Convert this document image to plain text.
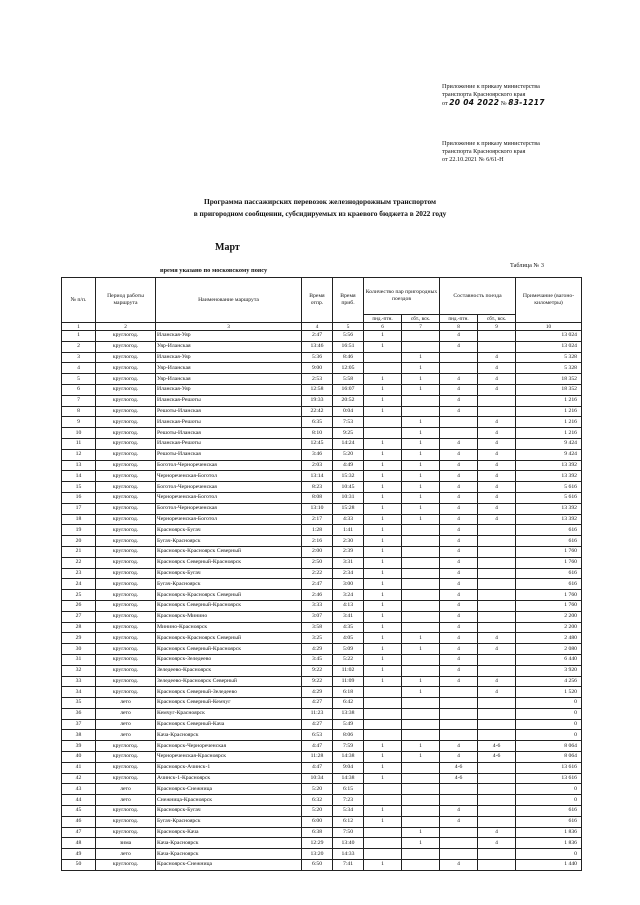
Приложение к приказу министерства
транспорта Красноярского края
от 20 04 2022 № 83-1217
Приложение к приказу министерства
транспорта Красноярского края
от 22.10.2021 № 6/61-Н
Программа пассажирских перевозок железнодорожным транспортом
в пригородном сообщении, субсидируемых из краевого бюджета в 2022 году
Март
время указано по московскому поясу
Таблица № 3
№ п/п.	Период работы маршрута	Наименование маршрута	Время отпр.	Время приб.	Количество пар пригородных поездов		Составность поезда		Примечание (вагоно-километры)
					пнд.-птн.	сбт., вск.	пнд.-птн.	сбт., вск.	
1	2	3	4	5	6	7	8	9	10
1	круглогод.	Иланская-Уяр	2:47	5:56	1		4		13 024
2	круглогод.	Уяр-Иланская	13:46	16:51	1		4		13 024
3	круглогод.	Иланская-Уяр	5:36	8:46		1		4	5 328
4	круглогод.	Уяр-Иланская	9:00	12:05		1		4	5 328
5	круглогод.	Уяр-Иланская	2:53	5:58	1	1	4	4	18 352
6	круглогод.	Иланская-Уяр	12:58	16:07	1	1	4	4	18 352
7	круглогод.	Иланская-Решоты	19:33	20:52	1		4		1 216
8	круглогод.	Решоты-Иланская	22:42	0:04	1		4		1 216
9	круглогод.	Иланская-Решоты	6:35	7:53		1		4	1 216
10	круглогод.	Решоты-Иланская	8:10	9:25		1		4	1 216
11	круглогод.	Иланская-Решоты	12:45	14:24	1	1	4	4	9 424
12	круглогод.	Решоты-Иланская	3:46	5:20	1	1	4	4	9 424
13	круглогод.	Боготол-Чернореченская	2:03	4:49	1	1	4	4	13 392
14	круглогод.	Чернореченская-Боготол	13:14	15:32	1	1	4	4	13 392
15	круглогод.	Боготол-Чернореченская	8:23	10:45	1	1	4	4	5 616
16	круглогод.	Чернореченская-Боготол	8:08	10:31	1	1	4	4	5 616
17	круглогод.	Боготол-Чернореченская	13:10	15:28	1	1	4	4	13 392
18	круглогод.	Чернореченская-Боготол	2:17	4:33	1	1	4	4	13 392
19	круглогод.	Красноярск-Бугач	1:28	1:41	1		4		616
20	круглогод.	Бугач-Красноярск	2:16	2:30	1		4		616
21	круглогод.	Красноярск-Красноярск Северный	2:00	2:39	1		4		1 760
22	круглогод.	Красноярск Северный-Красноярск	2:50	3:31	1		4		1 760
23	круглогод.	Красноярск-Бугач	2:22	2:34	1		4		616
24	круглогод.	Бугач-Красноярск	2:47	3:00	1		4		616
25	круглогод.	Красноярск-Красноярск Северный	2:46	3:24	1		4		1 760
26	круглогод.	Красноярск Северный-Красноярск	3:33	4:13	1		4		1 760
27	круглогод.	Красноярск-Минино	3:07	3:41	1		4		2 200
28	круглогод.	Минино-Красноярск	3:58	4:35	1		4		2 200
29	круглогод.	Красноярск-Красноярск Северный	3:25	4:05	1	1	4	4	2 480
30	круглогод.	Красноярск Северный-Красноярск	4:29	5:09	1	1	4	4	2 080
31	круглогод.	Красноярск-Зеледеево	3:45	5:22	1		4		6 440
32	круглогод.	Зеледеево-Красноярск	9:22	11:02	1		4		3 920
33	круглогод.	Зеледеево-Красноярск Северный	9:22	11:09	1	1	4	4	4 256
34	круглогод.	Красноярск Северный-Зеледеево	4:29	6:18		1		4	1 520
35	лето	Красноярск Северный-Кемчуг	4:27	6:42					0
36	лето	Кемчуг-Красноярск	11:23	13:38					0
37	лето	Красноярск Северный-Кача	4:27	5:49					0
38	лето	Кача-Красноярск	6:53	8:06					0
39	круглогод.	Красноярск-Чернореченская	4:47	7:59	1	1	4	4-6	8 064
40	круглогод.	Чернореченская-Красноярск	11:28	14:38	1	1	4	4-6	8 064
41	круглогод.	Красноярск-Ачинск-1	4:47	9:04	1		4-6		13 616
42	круглогод.	Ачинск-1-Красноярск	10:34	14:38	1		4-6		13 616
43	лето	Красноярск-Снежница	5:20	6:15					0
44	лето	Снежница-Красноярск	6:32	7:23					0
45	круглогод.	Красноярск-Бугач	5:20	5:34	1		4		616
46	круглогод.	Бугач-Красноярск	6:00	6:12	1		4		616
47	круглогод.	Красноярск-Кача	6:38	7:50		1		4	1 836
48	зима	Кача-Красноярск	12:29	13:40		1		4	1 836
49	лето	Кача-Красноярск	13:20	14:33					0
50	круглогод.	Красноярск-Снежница	6:50	7:41	1		4		1 440
